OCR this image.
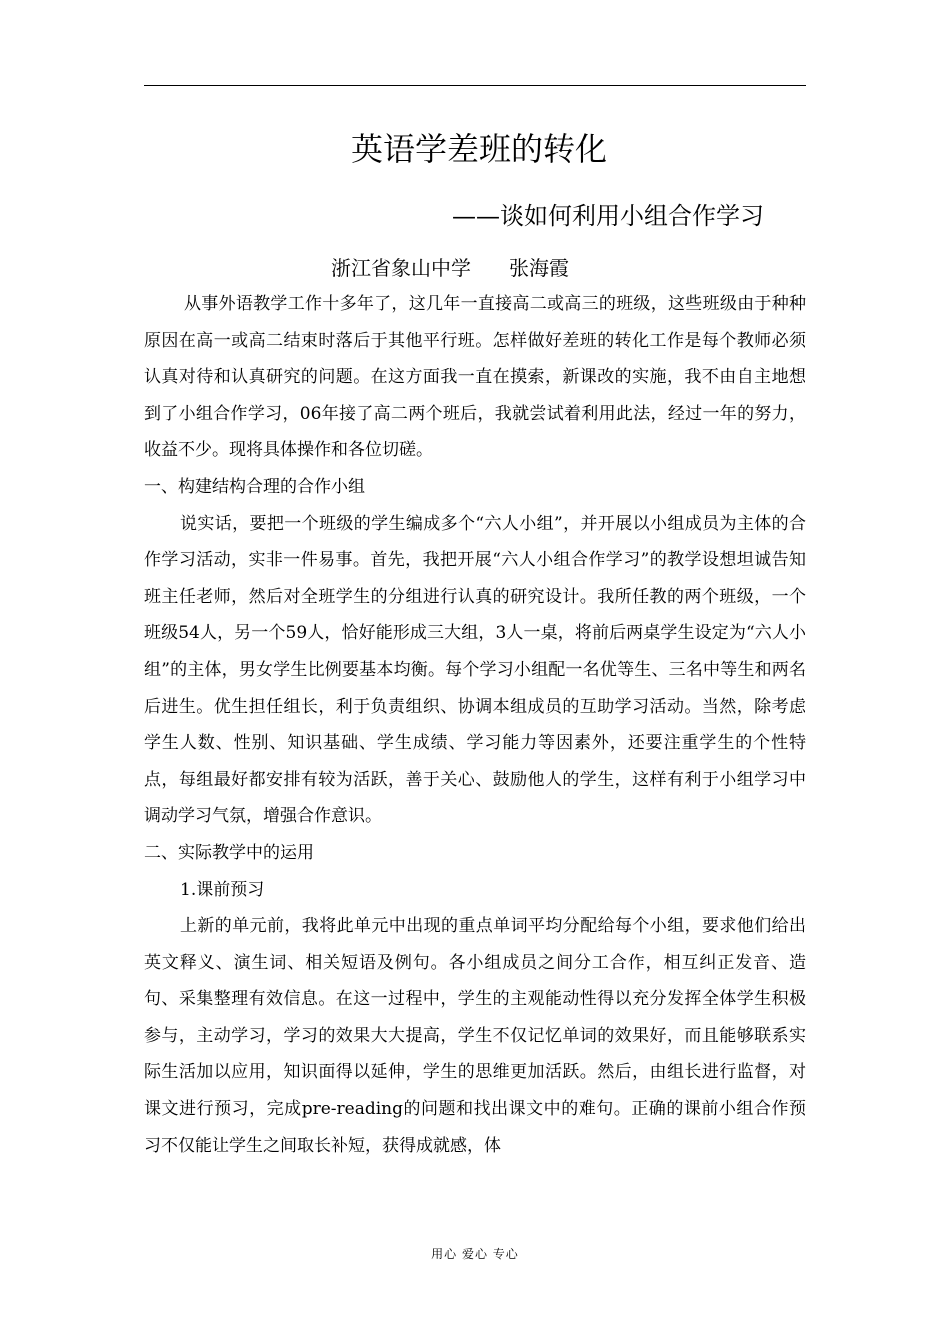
英语学差班的转化
——谈如何利用小组合作学习
浙江省象山中学 张海霞

从事外语教学工作十多年了，这几年一直接高二或高三的班级，这些班级由于种种原因在高一或高二结束时落后于其他平行班。怎样做好差班的转化工作是每个教师必须认真对待和认真研究的问题。在这方面我一直在摸索，新课改的实施，我不由自主地想到了小组合作学习，06年接了高二两个班后，我就尝试着利用此法，经过一年的努力，收益不少。现将具体操作和各位切磋。

一、构建结构合理的合作小组

说实话，要把一个班级的学生编成多个“六人小组”，并开展以小组成员为主体的合作学习活动，实非一件易事。首先，我把开展“六人小组合作学习”的教学设想坦诚告知班主任老师，然后对全班学生的分组进行认真的研究设计。我所任教的两个班级，一个班级54人，另一个59人，恰好能形成三大组，3人一桌，将前后两桌学生设定为“六人小组”的主体，男女学生比例要基本均衡。每个学习小组配一名优等生、三名中等生和两名后进生。优生担任组长，利于负责组织、协调本组成员的互助学习活动。当然，除考虑学生人数、性别、知识基础、学生成绩、学习能力等因素外，还要注重学生的个性特点，每组最好都安排有较为活跃，善于关心、鼓励他人的学生，这样有利于小组学习中调动学习气氛，增强合作意识。

二、实际教学中的运用

1.课前预习

上新的单元前，我将此单元中出现的重点单词平均分配给每个小组，要求他们给出英文释义、演生词、相关短语及例句。各小组成员之间分工合作，相互纠正发音、造句、采集整理有效信息。在这一过程中，学生的主观能动性得以充分发挥全体学生积极参与，主动学习，学习的效果大大提高，学生不仅记忆单词的效果好，而且能够联系实际生活加以应用，知识面得以延伸，学生的思维更加活跃。然后，由组长进行监督，对课文进行预习，完成pre-reading的问题和找出课文中的难句。正确的课前小组合作预习不仅能让学生之间取长补短，获得成就感，体

用心 爱心 专心
